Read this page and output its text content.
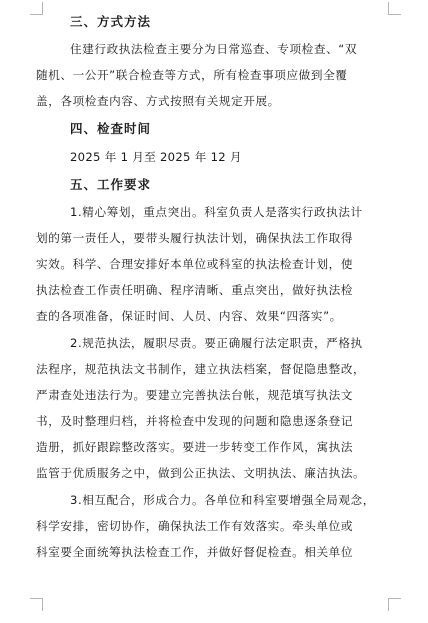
三、方式方法
住建行政执法检查主要分为日常巡查、专项检查、“双
随机、一公开”联合检查等方式，所有检查事项应做到全覆
盖，各项检查内容、方式按照有关规定开展。
四、检查时间
2025 年 1 月至 2025 年 12 月
五、工作要求
1.精心筹划，重点突出。科室负责人是落实行政执法计
划的第一责任人，要带头履行执法计划，确保执法工作取得
实效。科学、合理安排好本单位或科室的执法检查计划，使
执法检查工作责任明确、程序清晰、重点突出，做好执法检
查的各项准备，保证时间、人员、内容、效果“四落实”。
2.规范执法，履职尽责。要正确履行法定职责，严格执
法程序，规范执法文书制作，建立执法档案，督促隐患整改，
严肃查处违法行为。要建立完善执法台帐，规范填写执法文
书，及时整理归档，并将检查中发现的问题和隐患逐条登记
造册，抓好跟踪整改落实。要进一步转变工作作风，寓执法
监管于优质服务之中，做到公正执法、文明执法、廉洁执法。
3.相互配合，形成合力。各单位和科室要增强全局观念，
科学安排，密切协作，确保执法工作有效落实。牵头单位或
科室要全面统筹执法检查工作，并做好督促检查。相关单位
